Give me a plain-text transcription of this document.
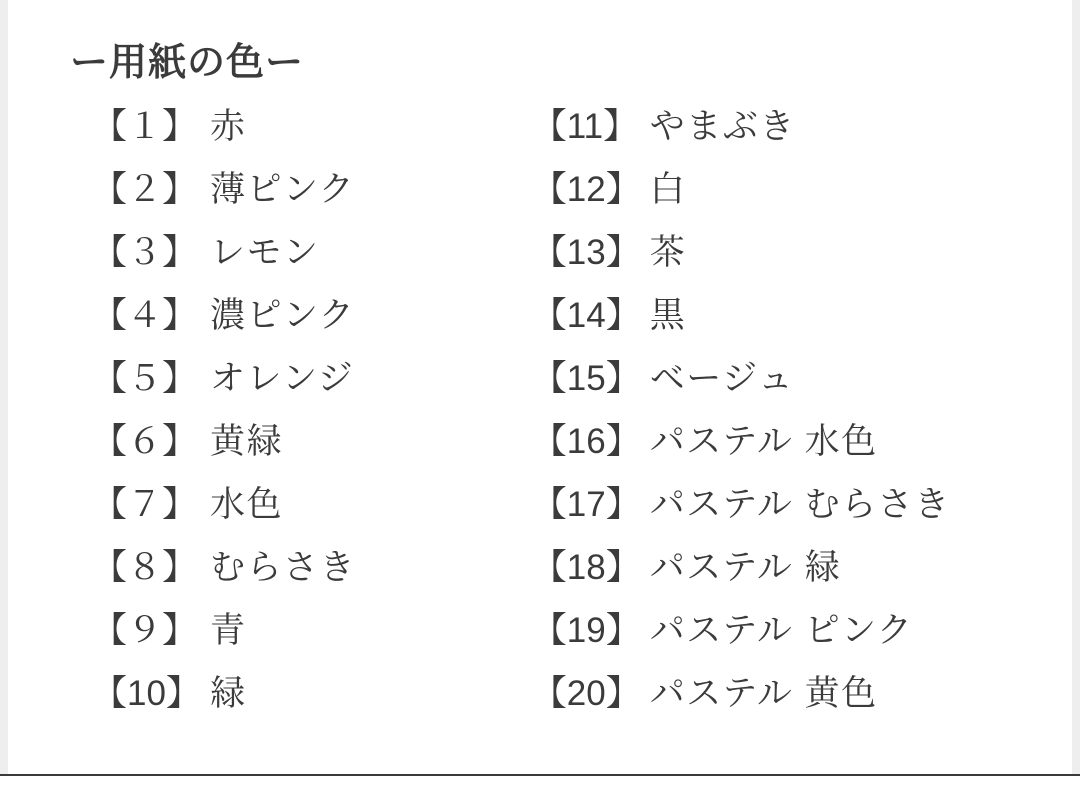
ー用紙の色ー
【１】 赤
【２】 薄ピンク
【３】 レモン
【４】 濃ピンク
【５】 オレンジ
【６】 黄緑
【７】 水色
【８】 むらさき
【９】 青
【10】 緑
【11】 やまぶき
【12】 白
【13】 茶
【14】 黒
【15】 ベージュ
【16】 パステル 水色
【17】 パステル むらさき
【18】 パステル 緑
【19】 パステル ピンク
【20】 パステル 黄色
